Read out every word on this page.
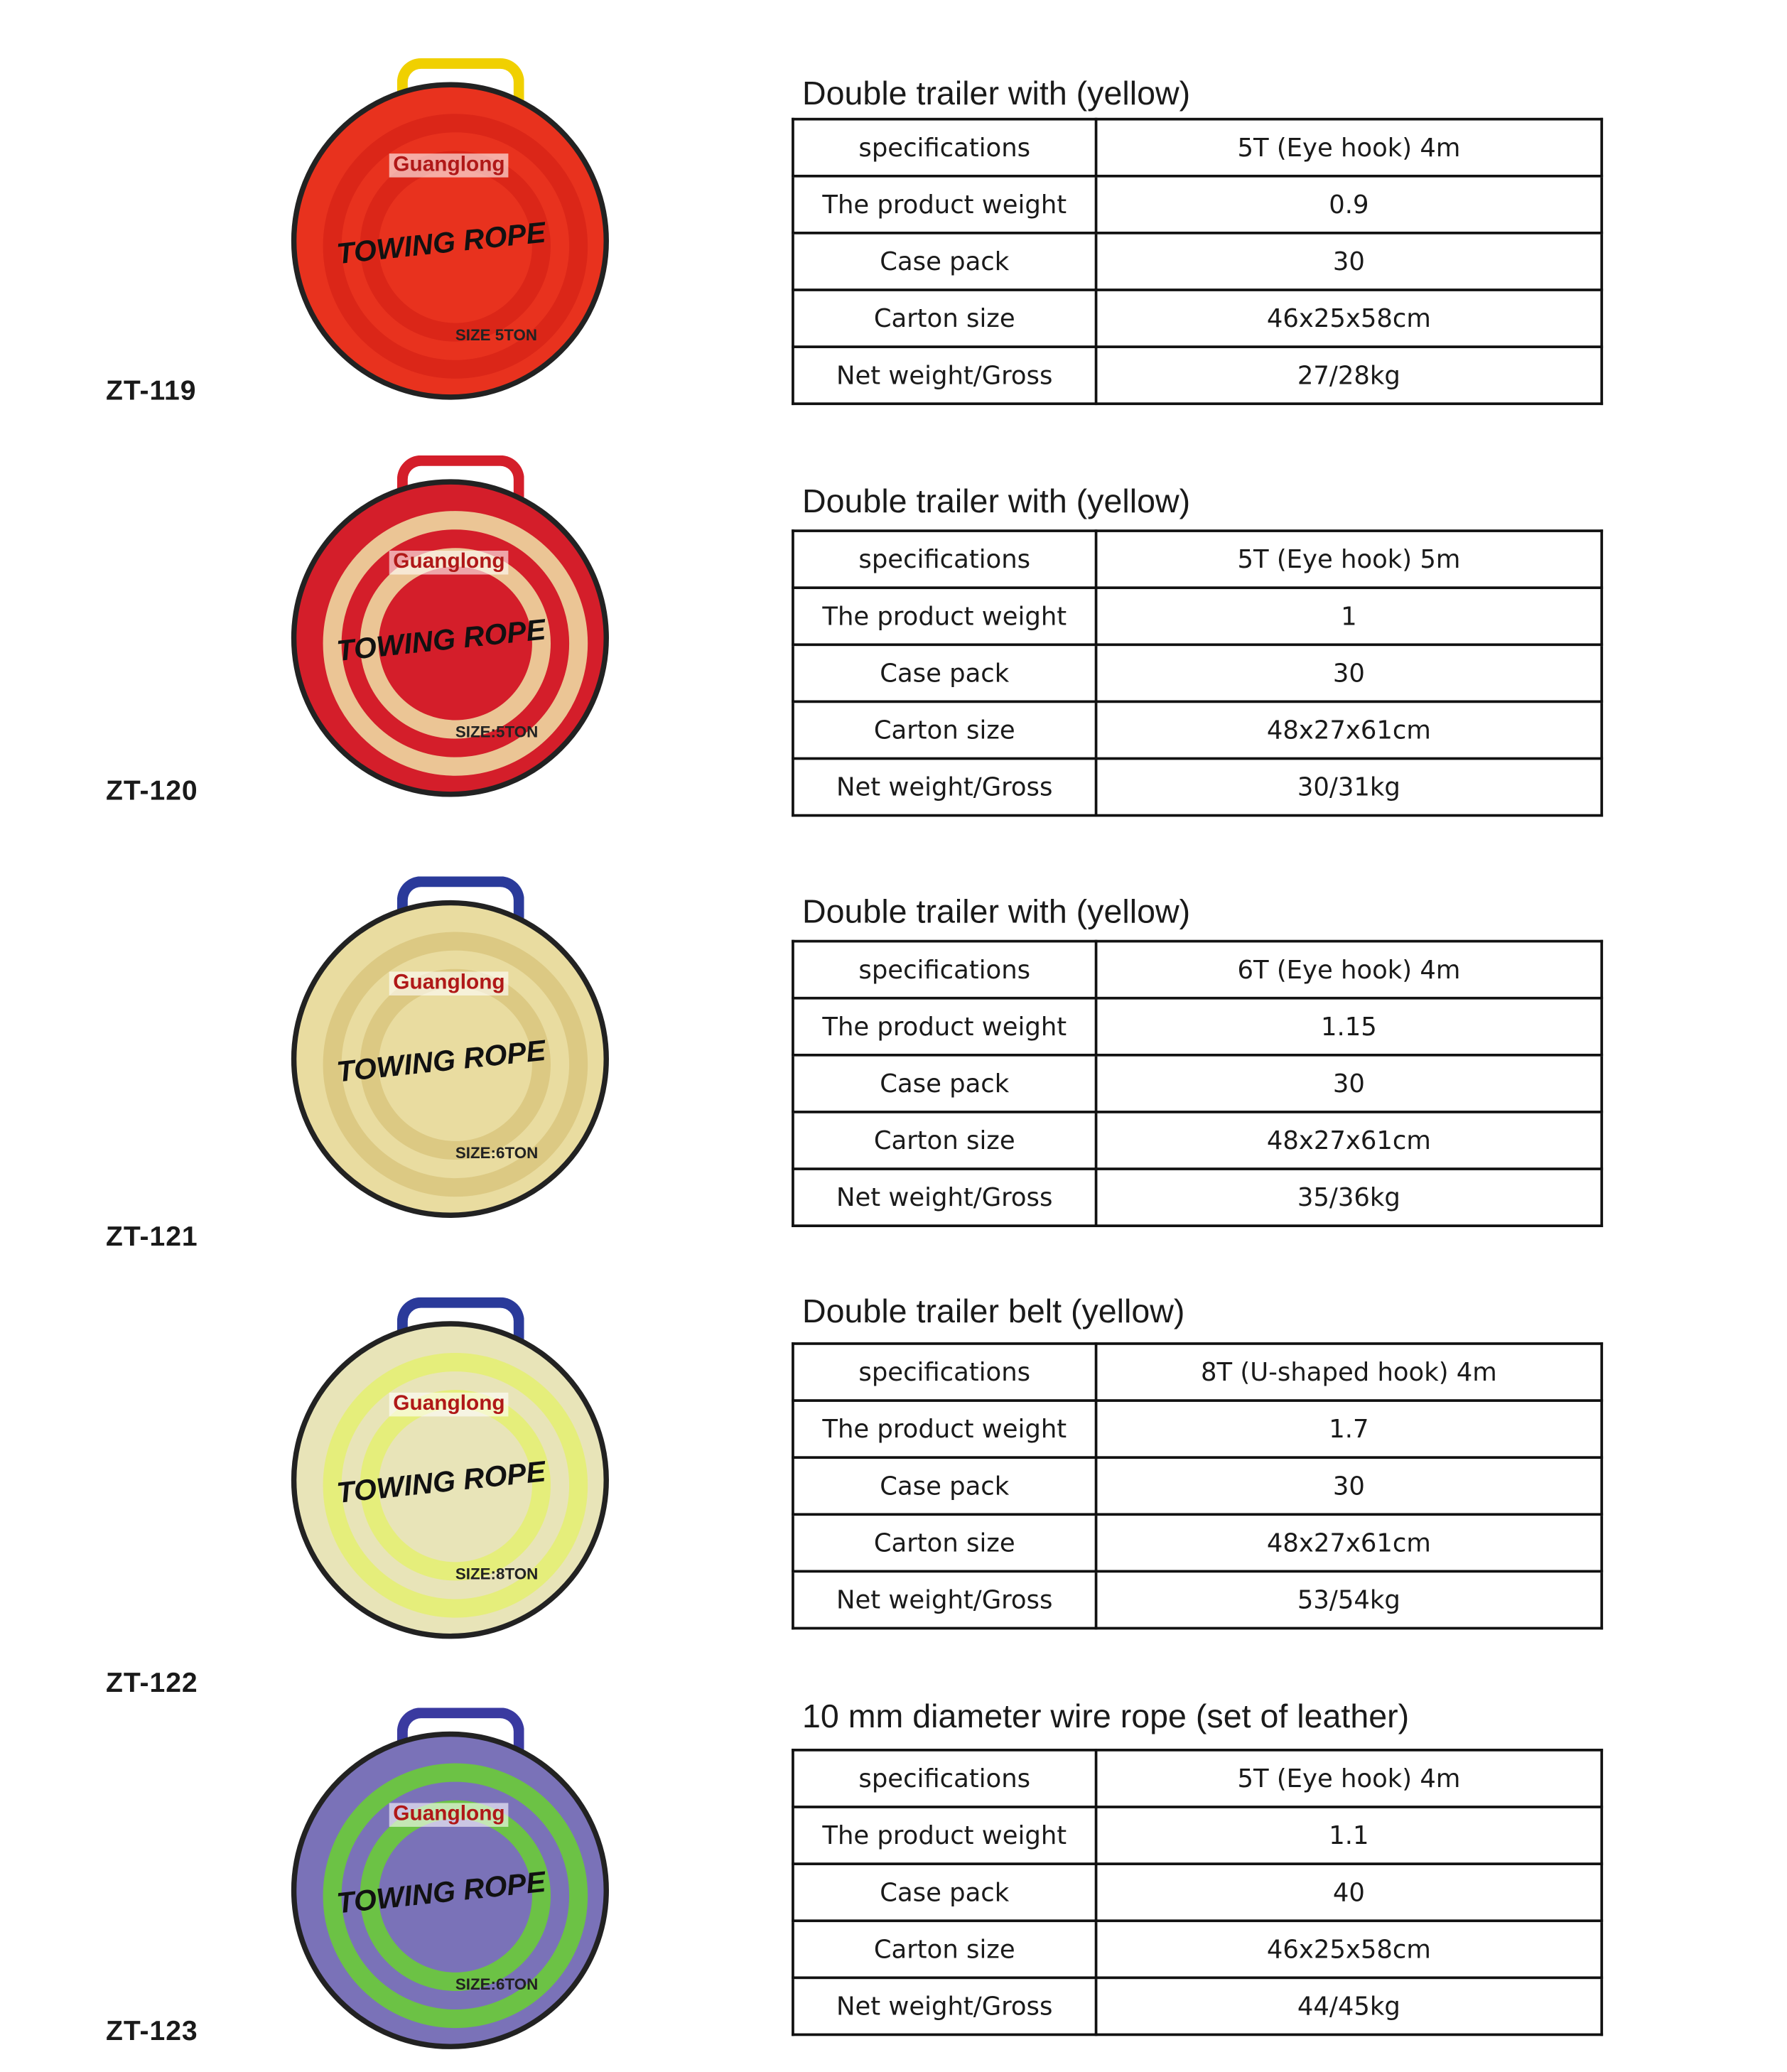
Guanglong
TOWING ROPE
SIZE 5TON
ZT-119
Double trailer with (yellow)
specifications	5T (Eye hook) 4m
The product weight	0.9
Case pack	30
Carton size	46x25x58cm
Net weight/Gross	27/28kg
Guanglong
TOWING ROPE
SIZE:5TON
ZT-120
Double trailer with (yellow)
specifications	5T (Eye hook) 5m
The product weight	1
Case pack	30
Carton size	48x27x61cm
Net weight/Gross	30/31kg
Guanglong
TOWING ROPE
SIZE:6TON
ZT-121
Double trailer with (yellow)
specifications	6T (Eye hook) 4m
The product weight	1.15
Case pack	30
Carton size	48x27x61cm
Net weight/Gross	35/36kg
Guanglong
TOWING ROPE
SIZE:8TON
ZT-122
Double trailer belt (yellow)
specifications	8T (U-shaped hook) 4m
The product weight	1.7
Case pack	30
Carton size	48x27x61cm
Net weight/Gross	53/54kg
Guanglong
TOWING ROPE
SIZE:6TON
ZT-123
10 mm diameter wire rope (set of leather)
specifications	5T (Eye hook) 4m
The product weight	1.1
Case pack	40
Carton size	46x25x58cm
Net weight/Gross	44/45kg
